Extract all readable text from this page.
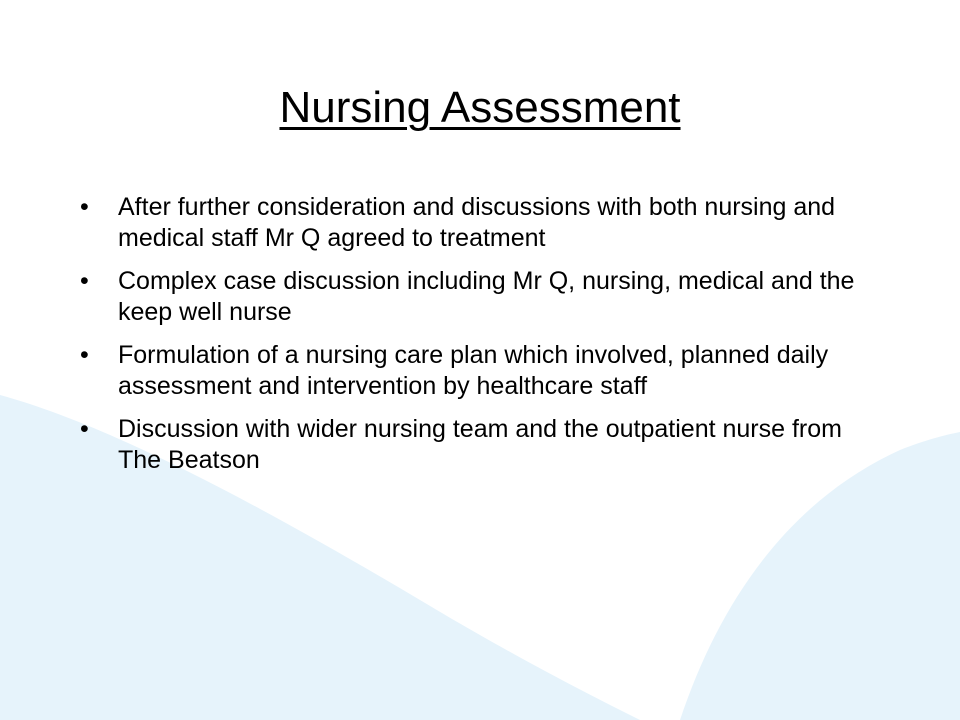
Nursing Assessment
•	After further consideration and discussions with both nursing and medical staff Mr Q agreed to treatment
•	Complex case discussion including Mr Q, nursing, medical and the keep well nurse
•	Formulation of a nursing care plan which involved, planned daily assessment and intervention by healthcare staff
•	Discussion with wider nursing team and the outpatient nurse from The Beatson
